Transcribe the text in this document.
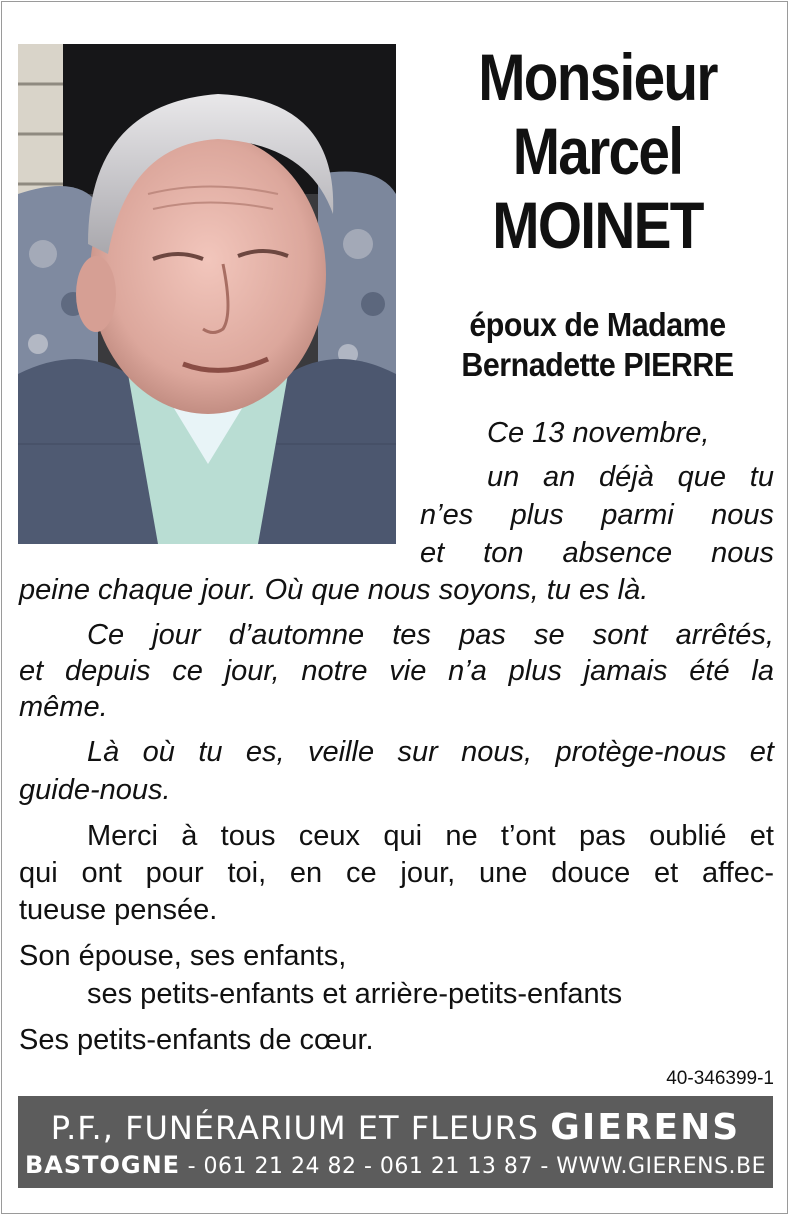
Monsieur
Marcel
MOINET
époux de Madame
Bernadette PIERRE
Ce 13 novembre,
un an déjà que tu
n’es plus parmi nous
et ton absence nous
peine chaque jour. Où que nous soyons, tu es là.
Ce jour d’automne tes pas se sont arrêtés,
et depuis ce jour, notre vie n’a plus jamais été la
même.
Là où tu es, veille sur nous, protège-nous et
guide-nous.
Merci à tous ceux qui ne t’ont pas oublié et
qui ont pour toi, en ce jour, une douce et affec-
tueuse pensée.
Son épouse, ses enfants,
ses petits-enfants et arrière-petits-enfants
Ses petits-enfants de cœur.
40-346399-1
P.F., FUNÉRARIUM ET FLEURS GIERENS
BASTOGNE - 061 21 24 82 - 061 21 13 87 - WWW.GIERENS.BE
